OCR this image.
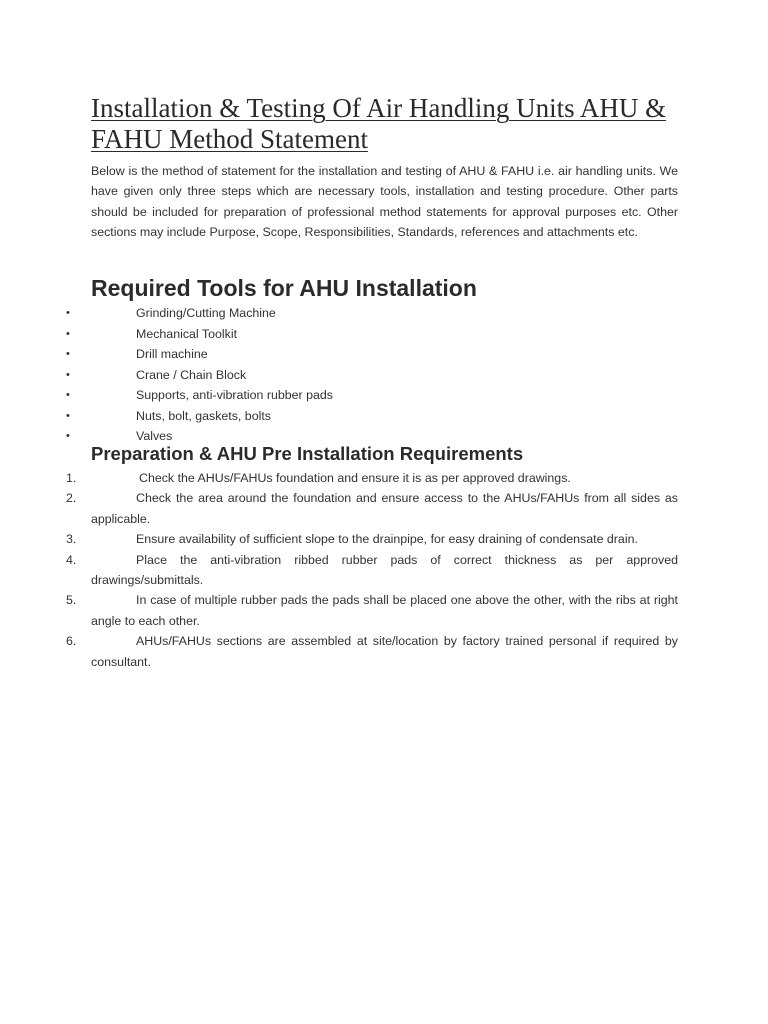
Installation & Testing Of Air Handling Units AHU & FAHU Method Statement

Below is the method of statement for the installation and testing of AHU & FAHU i.e. air handling units. We have given only three steps which are necessary tools, installation and testing procedure. Other parts should be included for preparation of professional method statements for approval purposes etc. Other sections may include Purpose, Scope, Responsibilities, Standards, references and attachments etc.

Required Tools for AHU Installation
•	Grinding/Cutting Machine
•	Mechanical Toolkit
•	Drill machine
•	Crane / Chain Block
•	Supports, anti-vibration rubber pads
•	Nuts, bolt, gaskets, bolts
•	Valves
Preparation & AHU Pre Installation Requirements
1.	Check the AHUs/FAHUs foundation and ensure it is as per approved drawings.
2.	Check the area around the foundation and ensure access to the AHUs/FAHUs from all sides as applicable.
3.	Ensure availability of sufficient slope to the drainpipe, for easy draining of condensate drain.
4.	Place the anti-vibration ribbed rubber pads of correct thickness as per approved drawings/submittals.
5.	In case of multiple rubber pads the pads shall be placed one above the other, with the ribs at right angle to each other.
6.	AHUs/FAHUs sections are assembled at site/location by factory trained personal if required by consultant.
